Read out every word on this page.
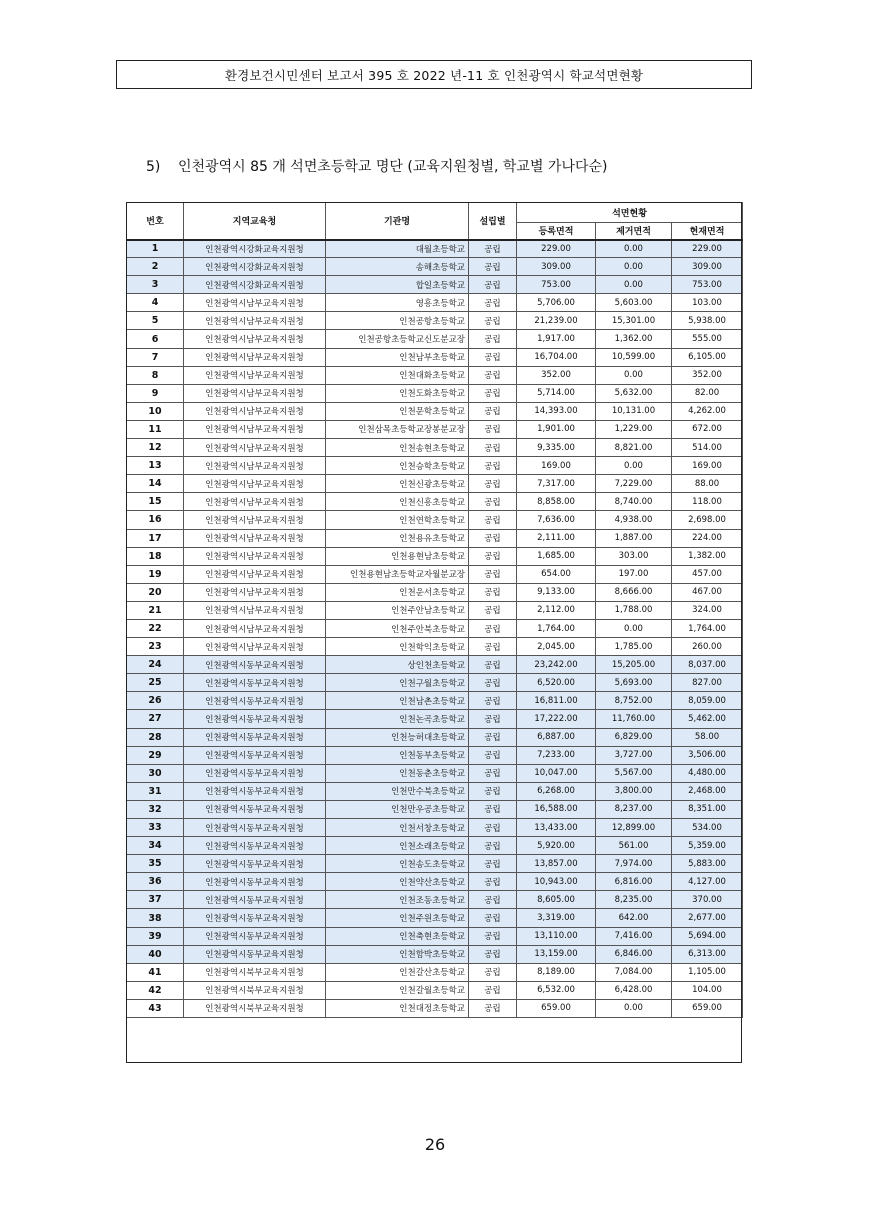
환경보건시민센터 보고서 395 호 2022 년-11 호 인천광역시 학교석면현황
5) 인천광역시 85 개 석면초등학교 명단 (교육지원청별, 학교별 가나다순)
번호	지역교육청	기관명	설립별	석면현황		
				등록면적	제거면적	현재면적
1	인천광역시강화교육지원청	대월초등학교	공립	229.00	0.00	229.00
2	인천광역시강화교육지원청	송해초등학교	공립	309.00	0.00	309.00
3	인천광역시강화교육지원청	합일초등학교	공립	753.00	0.00	753.00
4	인천광역시남부교육지원청	영흥초등학교	공립	5,706.00	5,603.00	103.00
5	인천광역시남부교육지원청	인천공항초등학교	공립	21,239.00	15,301.00	5,938.00
6	인천광역시남부교육지원청	인천공항초등학교신도분교장	공립	1,917.00	1,362.00	555.00
7	인천광역시남부교육지원청	인천남부초등학교	공립	16,704.00	10,599.00	6,105.00
8	인천광역시남부교육지원청	인천대화초등학교	공립	352.00	0.00	352.00
9	인천광역시남부교육지원청	인천도화초등학교	공립	5,714.00	5,632.00	82.00
10	인천광역시남부교육지원청	인천문학초등학교	공립	14,393.00	10,131.00	4,262.00
11	인천광역시남부교육지원청	인천삼목초등학교장봉분교장	공립	1,901.00	1,229.00	672.00
12	인천광역시남부교육지원청	인천송현초등학교	공립	9,335.00	8,821.00	514.00
13	인천광역시남부교육지원청	인천승학초등학교	공립	169.00	0.00	169.00
14	인천광역시남부교육지원청	인천신광초등학교	공립	7,317.00	7,229.00	88.00
15	인천광역시남부교육지원청	인천신흥초등학교	공립	8,858.00	8,740.00	118.00
16	인천광역시남부교육지원청	인천연학초등학교	공립	7,636.00	4,938.00	2,698.00
17	인천광역시남부교육지원청	인천용유초등학교	공립	2,111.00	1,887.00	224.00
18	인천광역시남부교육지원청	인천용현남초등학교	공립	1,685.00	303.00	1,382.00
19	인천광역시남부교육지원청	인천용현남초등학교자월분교장	공립	654.00	197.00	457.00
20	인천광역시남부교육지원청	인천운서초등학교	공립	9,133.00	8,666.00	467.00
21	인천광역시남부교육지원청	인천주안남초등학교	공립	2,112.00	1,788.00	324.00
22	인천광역시남부교육지원청	인천주안북초등학교	공립	1,764.00	0.00	1,764.00
23	인천광역시남부교육지원청	인천학익초등학교	공립	2,045.00	1,785.00	260.00
24	인천광역시동부교육지원청	상인천초등학교	공립	23,242.00	15,205.00	8,037.00
25	인천광역시동부교육지원청	인천구월초등학교	공립	6,520.00	5,693.00	827.00
26	인천광역시동부교육지원청	인천남촌초등학교	공립	16,811.00	8,752.00	8,059.00
27	인천광역시동부교육지원청	인천논곡초등학교	공립	17,222.00	11,760.00	5,462.00
28	인천광역시동부교육지원청	인천능허대초등학교	공립	6,887.00	6,829.00	58.00
29	인천광역시동부교육지원청	인천동부초등학교	공립	7,233.00	3,727.00	3,506.00
30	인천광역시동부교육지원청	인천동춘초등학교	공립	10,047.00	5,567.00	4,480.00
31	인천광역시동부교육지원청	인천만수북초등학교	공립	6,268.00	3,800.00	2,468.00
32	인천광역시동부교육지원청	인천만우공초등학교	공립	16,588.00	8,237.00	8,351.00
33	인천광역시동부교육지원청	인천서창초등학교	공립	13,433.00	12,899.00	534.00
34	인천광역시동부교육지원청	인천소래초등학교	공립	5,920.00	561.00	5,359.00
35	인천광역시동부교육지원청	인천송도초등학교	공립	13,857.00	7,974.00	5,883.00
36	인천광역시동부교육지원청	인천약산초등학교	공립	10,943.00	6,816.00	4,127.00
37	인천광역시동부교육지원청	인천조동초등학교	공립	8,605.00	8,235.00	370.00
38	인천광역시동부교육지원청	인천주원초등학교	공립	3,319.00	642.00	2,677.00
39	인천광역시동부교육지원청	인천축현초등학교	공립	13,110.00	7,416.00	5,694.00
40	인천광역시동부교육지원청	인천함박초등학교	공립	13,159.00	6,846.00	6,313.00
41	인천광역시북부교육지원청	인천갈산초등학교	공립	8,189.00	7,084.00	1,105.00
42	인천광역시북부교육지원청	인천갈월초등학교	공립	6,532.00	6,428.00	104.00
43	인천광역시북부교육지원청	인천대정초등학교	공립	659.00	0.00	659.00
26
